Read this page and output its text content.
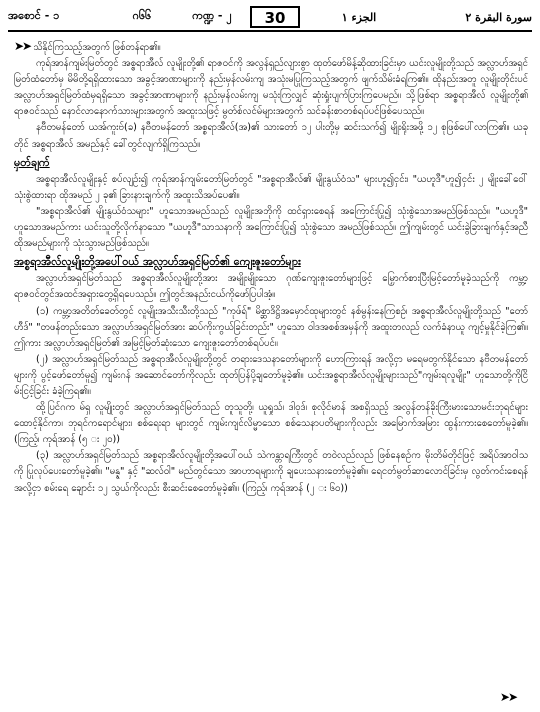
အစောင် - ၁	ဂ၆၆	ကဏ္ဍ - ၂	30	الجزء ١	سورة البقرة ٢

➤➤ သိနိုင်ကြသည့်အတွက် ဖြစ်တန်ရာ၏။

ကုရ်အာန်ကျမ်းမြတ်တွင် အစ္စရာအီလ် လူမျိုးတို့၏ ရာဇဝင်ကို အလွန်ရှည်လျားစွာ ထုတ်ဖော်မိန့်ဆိုထားခြင်းမှာ ယင်းလူမျိုးတို့သည် အလ္လာဟ်အရှင်မြတ်ထံတော်မှ မိမိတို့ရရှိထားသော အခွင့်အာဏာများကို နည်းမှန်လမ်းကျ အသုံးမပြုကြသည့်အတွက် ဖျက်သိမ်းခံရကြ၏။ ထိုနည်းအတူ လူမျိုးတိုင်းပင် အလ္လာဟ်အရှင်မြတ်ထံမှရရှိသော အခွင့်အာဏာများကို နည်းမှန်လမ်းကျ မသုံးကြလျှင် ဆုံးရှုံးပျက်ပြားကြပေမည်။ သို့ဖြစ်ရာ အစ္စရာအီလ် လူမျိုးတို့၏ ရာဇဝင်သည် နောင်လာနောက်သားများအတွက် အထူးသဖြင့် မွတ်စ်လင်မ်များအတွက် သင်ခန်းစာတစ်ရပ်ပင်ဖြစ်ပေသည်။

နဗီတမန်တော် ယအ်ကူးဗ်(ခ) နဗီတမန်တော် အစ္စရာအီလ်(အ)၏ သားတော် ၁၂ ပါးတို့မှ ဆင်းသက်၍ မျိုးရိုးအဖို့ ၁၂ စုဖြစ်ပေါ်လာကြ၏။ ယခုတိုင် အစ္စရာအီလ် အမည်နှင့် ခေါ်တွင်လျက်ရှိကြသည်။

မှတ်ချက်

အစ္စရာအီလ်လူမျိုးနှင့် စပ်လျဉ်း၍ ကုရ်အာန်ကျမ်းတော်မြတ်တွင် "အစ္စရာအီလ်၏ မျိုးနွယ်ဝံသ" များဟူ၍ငှင်း၊ "ယဟူဒီ"ဟူ၍ငှင်း ၂ မျိုးခေါ်ဝေါ်သုံးစွဲထားရာ ထိုအမည် ၂ ခု၏ ခြားနားချက်ကို အထူးသိအပ်ပေ၏။

"အစ္စရာအီလ်၏ မျိုးနွယ်ဝံသများ" ဟူသောအမည်သည် လူမျိုးအဘိုကို ထင်ရှားစေရန် အကြောင်းပြု၍ သုံးစွဲသောအမည်ဖြစ်သည်။ "ယဟူဒီ" ဟူသောအမည်ကား ယင်းသူတို့လိုက်နာသော "ယဟူဒီ"သာသနာကို အကြောင်းပြု၍ သုံးစွဲသော အမည်ဖြစ်သည်။ ဤကျမ်းတွင် ယင်းခွဲခြားချက်နှင့်အညီ ထိုအမည်များကို သုံးသွားမည်ဖြစ်သည်။

အစ္စရာအီလ်လူမျိုးတို့အပေါ်ဝယ် အလ္လာဟ်အရှင်မြတ်၏ ကျေးဇူးတော်များ

အလ္လာဟ်အရှင်မြတ်သည် အစ္စရာအီလ်လူမျိုးတို့အား အမျိုးမျိုးသော ဂုဏ်ကျေးဇူးတော်များဖြင့် မြှောက်စားပြီးမြင့်တော်မူခဲ့သည်ကို ကမ္ဘာ့ရာဇဝင်တွင်အထင်အရှားတွေ့ရှိရပေသည်။ ဤတွင်အနည်းငယ်ကိုဖော်ပြပါအံ့။

(၁) ကမ္ဘာ့အတိတ်ခေတ်တွင် လူမျိုးအသီးသီးတို့သည် "ကုဖ်ရ်" မိစ္ဆာဒိဋ္ဌိအမှောင်ထုများတွင် နစ်မွန်းနေကြစဉ်၊ အစ္စရာအီလ်လူမျိုးတို့သည် "တော်ဟီဒ်" "တဖန်တည်းသော အလ္လာဟ်အရှင်မြတ်အား ဆပ်ကိုးကွယ်ခြင်းတည်း" ဟူသော ဝါဒအစစ်အမှန်ကို အထူးတလည် လက်ခံနာယူ ကျင့်မှုနိုင်ခဲ့ကြ၏။ ဤကား အလ္လာဟ်အရှင်မြတ်၏ အမြင့်မြတ်ဆုံးသော ကျေးဇူးတော်တစ်ရပ်ပင်။

(၂) အလ္လာဟ်အရှင်မြတ်သည် အစ္စရာအီလ်လူမျိုးတို့တွင် တရားဒေသနာတော်များကို ဟောကြားရန် အလို့ငှာ မရေမတွက်နိုင်သော နဗီတမန်တော်များကို ပွင့်ဖော်တော်မူ၍ ကျမ်းဂန် အဆောင်တော်ကိုလည်း ထုတ်ပြန်ပို့ချတော်မူခဲ့၏။ ယင်းအစ္စရာအီလ်လူမျိုးများသည်"ကျမ်းရလူမျိုး" ဟူသောတို့ကိုငြိမ်းငြင့်ခြင်း ခံခဲ့ကြရ၏။

ထို့ပြင်ဂက မ်ရှ လူမျိုးတွင် အလ္လာဟ်အရှင်မြတ်သည် တူသူတို့၊ ယူရှုသ်၊ ဒါဝုဒ်၊ စုလိုင်မာန် အစရှိသည့် အလွန်တန်ခိုးကြီးမားသောမင်းဘုရင်များ ထောင့်နိုင်ကာ၊ ဘုရင်ကရောင်များ၊ စစ်ရေးရာ များတွင် ကျမ်းကျင်လိမ္မာသော စစ်သေနာပတိများကိုလည်း အမြောက်အမြား ထွန်းကားစေတော်မူခဲ့၏။ (ကြည့်၊ ကုရ်အာန် (၅ း ၂၀))

(၃) အလ္လာဟ်အရှင်မြတ်သည် အစ္စရာအီလ်လူမျိုးတို့အပေါ်ဝယ် သဲကန္တာရကြီးတွင် တဝဲလည်လည် ဖြစ်နေစဉ်က မိုးတိမ်တိုင်ဖြင့် အရိပ်အာဝါသကို ပြုလုပ်ပေးတော်မူခဲ့၏။ "မန္န" နှင့် "ဆလ်ဝါ" မည်တွင်သော အာဟာရများကို ချပေးသနားတော်မူခဲ့၏။ ရေငတ်မွတ်ဆာလောင်ခြင်းမှ လွတ်ကင်းစေရန် အလို့ငှာ စမ်းရေ ချောင်း ၁၂ သွယ်ကိုလည်း စီးဆင်းစေတော်မူခဲ့၏။ (ကြည့်၊ ကုရ်အာန် (၂ း ၆၀))

➤➤
